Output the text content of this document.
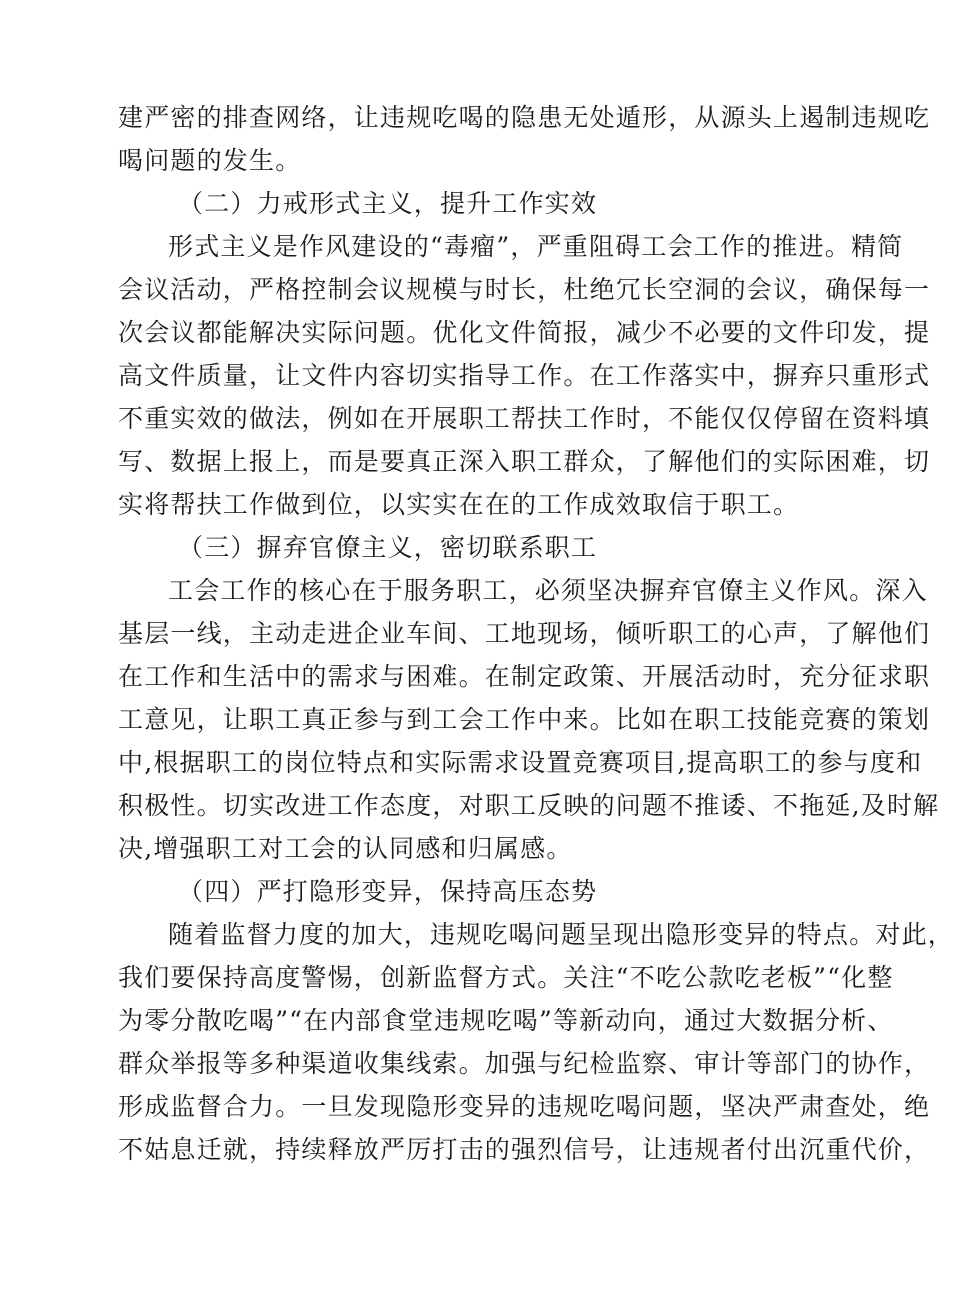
建严密的排查网络，让违规吃喝的隐患无处遁形，从源头上遏制违规吃
喝问题的发生。
（二）力戒形式主义，提升工作实效
形式主义是作风建设的“毒瘤”，严重阻碍工会工作的推进。精简
会议活动，严格控制会议规模与时长，杜绝冗长空洞的会议，确保每一
次会议都能解决实际问题。优化文件简报，减少不必要的文件印发，提
高文件质量，让文件内容切实指导工作。在工作落实中，摒弃只重形式
不重实效的做法，例如在开展职工帮扶工作时，不能仅仅停留在资料填
写、数据上报上，而是要真正深入职工群众，了解他们的实际困难，切
实将帮扶工作做到位，以实实在在的工作成效取信于职工。
（三）摒弃官僚主义，密切联系职工
工会工作的核心在于服务职工，必须坚决摒弃官僚主义作风。深入
基层一线，主动走进企业车间、工地现场，倾听职工的心声，了解他们
在工作和生活中的需求与困难。在制定政策、开展活动时，充分征求职
工意见，让职工真正参与到工会工作中来。比如在职工技能竞赛的策划
中,根据职工的岗位特点和实际需求设置竞赛项目,提高职工的参与度和
积极性。切实改进工作态度，对职工反映的问题不推诿、不拖延,及时解
决,增强职工对工会的认同感和归属感。
（四）严打隐形变异，保持高压态势
随着监督力度的加大，违规吃喝问题呈现出隐形变异的特点。对此，
我们要保持高度警惕，创新监督方式。关注“不吃公款吃老板”“化整
为零分散吃喝”“在内部食堂违规吃喝”等新动向，通过大数据分析、
群众举报等多种渠道收集线索。加强与纪检监察、审计等部门的协作，
形成监督合力。一旦发现隐形变异的违规吃喝问题，坚决严肃查处，绝
不姑息迁就，持续释放严厉打击的强烈信号，让违规者付出沉重代价，
